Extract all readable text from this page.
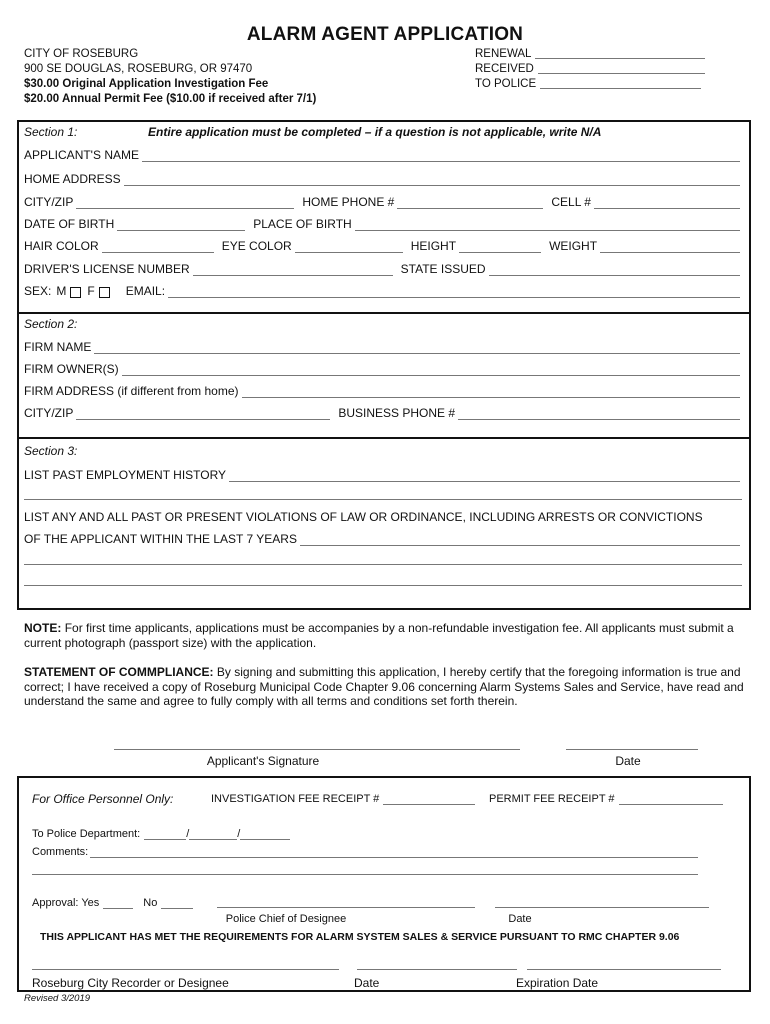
ALARM AGENT APPLICATION
CITY OF ROSEBURG
900 SE DOUGLAS, ROSEBURG, OR 97470
$30.00 Original Application Investigation Fee
$20.00 Annual Permit Fee ($10.00 if received after 7/1)
RENEWAL
RECEIVED
TO POLICE
Section 1:	Entire application must be completed – if a question is not applicable, write N/A
APPLICANT'S NAME
HOME ADDRESS
CITY/ZIP	HOME PHONE #	CELL #
DATE OF BIRTH	PLACE OF BIRTH
HAIR COLOR	EYE COLOR	HEIGHT	WEIGHT
DRIVER'S LICENSE NUMBER	STATE ISSUED
SEX: M F	EMAIL:
Section 2:
FIRM NAME
FIRM OWNER(S)
FIRM ADDRESS (if different from home)
CITY/ZIP	BUSINESS PHONE #
Section 3:
LIST PAST EMPLOYMENT HISTORY
LIST ANY AND ALL PAST OR PRESENT VIOLATIONS OF LAW OR ORDINANCE, INCLUDING ARRESTS OR CONVICTIONS
OF THE APPLICANT WITHIN THE LAST 7 YEARS
NOTE: For first time applicants, applications must be accompanies by a non-refundable investigation fee. All applicants must submit a current photograph (passport size) with the application.
STATEMENT OF COMMPLIANCE: By signing and submitting this application, I hereby certify that the foregoing information is true and correct; I have received a copy of Roseburg Municipal Code Chapter 9.06 concerning Alarm Systems Sales and Service, have read and understand the same and agree to fully comply with all terms and conditions set forth therein.
Applicant's Signature	Date
For Office Personnel Only:	INVESTIGATION FEE RECEIPT #	PERMIT FEE RECEIPT #
To Police Department:	/	/
Comments:
Approval: Yes	No
Police Chief of Designee	Date
THIS APPLICANT HAS MET THE REQUIREMENTS FOR ALARM SYSTEM SALES & SERVICE PURSUANT TO RMC CHAPTER 9.06
Roseburg City Recorder or Designee	Date	Expiration Date
Revised 3/2019
